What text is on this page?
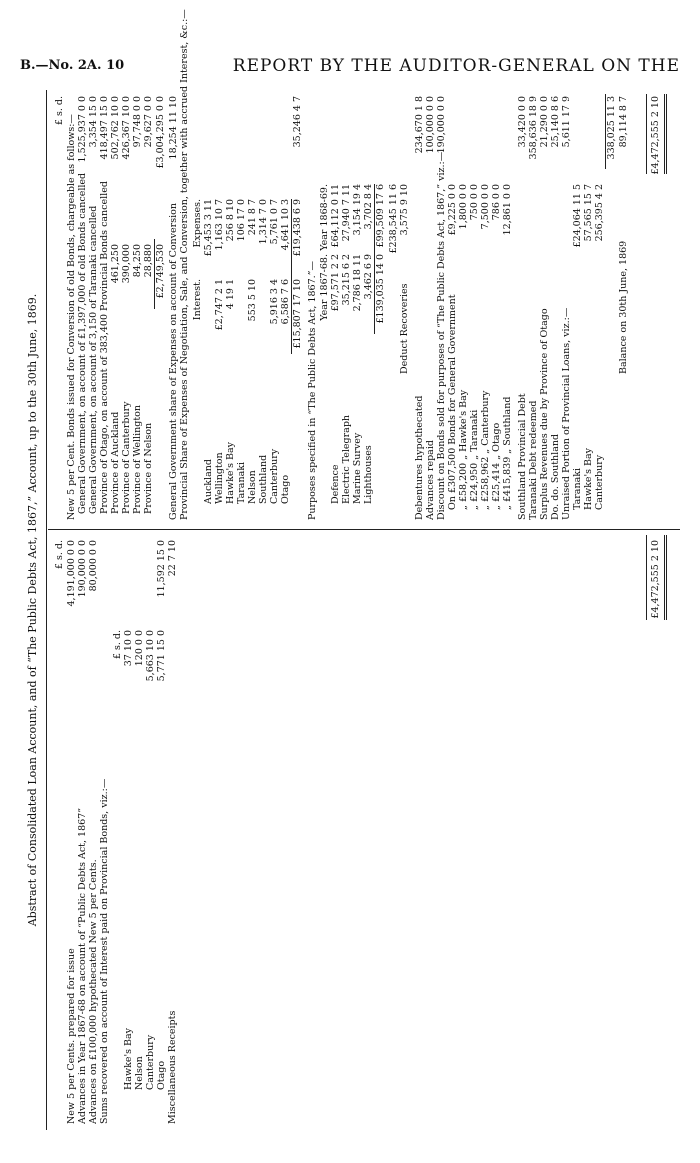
B.—No. 2A. 10	REPORT BY THE AUDITOR-GENERAL ON THE
Abstract of Consolidated Loan Account, and of “The Public Debts Act, 1867,” Account, up to the 30th June, 1869. £ s. d.
New 5 per Cents. prepared for issue
4,191,000 0 0
Advances in Year 1867-68 on account of “Public Debts Act, 1867”
190,000 0 0
Advances on £100,000 hypothecated New 5 per Cents.
80,000 0 0
Sums recovered on account of Interest paid on Provincial Bonds, viz.:—
£ s. d.
Hawke's Bay
37 10 0
Nelson
120 0 0
Canterbury
5,663 10 0
Otago
5,771 15 0
11,592 15 0
Miscellaneous Receipts
22 7 10	£4,472,555 2 10
£ s. d.
New 5 per Cent. Bonds issued for Conversion of old Bonds, chargeable as follows:— General Government, on account of £1,397,000 of old Bonds cancelled
1,525,937 0 0
General Government, on account of 3,150 of Taranaki cancelled
3,354 15 0
Province of Otago, on account of 383,400 Provincial Bonds cancelled
418,497 15 0
Province of Auckland
461,250
502,762 10 0
Province of Canterbury
390,000
426,367 10 0
Province of Wellington
84,250
97,748 0 0
Province of Nelson
28,880
29,627 0 0
£2,749,530
£3,004,295 0 0
General Government share of Expenses on account of Conversion
18,254 11 10 Provincial Share of Expenses of Negotiation, Sale, and Conversion, together with accrued Interest, &c.:— Interest.
Expenses.
Auckland
£5,453 3 11
Wellington
£2,747 2 1
1,163 10 7
Hawke's Bay
4 19 1
256 8 10
Taranaki
106 17 0
Nelson
553 5 10
241 8 7
Southland
1,314 7 0
Canterbury
5,916 3 4
5,761 0 7
Otago
6,586 7 6
4,641 10 3
£15,807 17 10
£19,438 6 9
35,246 4 7
Purposes specified in “The Public Debts Act, 1867.”— Year 1867-68.
Year 1868-69.
Defence
£97,571 2 2
£64,112 0 11
Electric Telegraph
35,215 6 2
27,940 7 11
Marine Survey
2,786 18 11
3,154 19 4
Lighthouses
3,462 6 9
3,702 8 4
£139,035 14 0
£99,509 17 6 £238,545 11 6
Deduct Recoveries
3,575 9 10
Debentures hypothecated
234,670 1 8
Advances repaid
100,000 0 0
Discount on Bonds sold for purposes of “The Public Debts Act, 1867,” viz.:—
190,000 0 0
On £307,500 Bonds for General Government
£9,225 0 0
„ £58,200 „ Hawke's Bay
1,800 0 0
„ £24,950 „ Taranaki
750 0 0
„ £258,962 „ Canterbury
7,500 0 0
„ £25,414 „ Otago
786 0 0
„ £415,839 „ Southland
12,861 0 0
Southland Provincial Debt
33,420 0 0
Taranaki Debt redeemed
358,636 18 9
Surplus Revenues due by Province of Otago
21,290 0 0
Do. do. Southland
25,140 8 6
Unraised Portion of Provincial Loans, viz.:—
5,611 17 9
Taranaki
£24,064 11 5
Hawke's Bay
57,565 15 7
Canterbury
256,395 4 2
338,025 11 3
Balance on 30th June, 1869
89,114 8 7 £4,472,555 2 10
